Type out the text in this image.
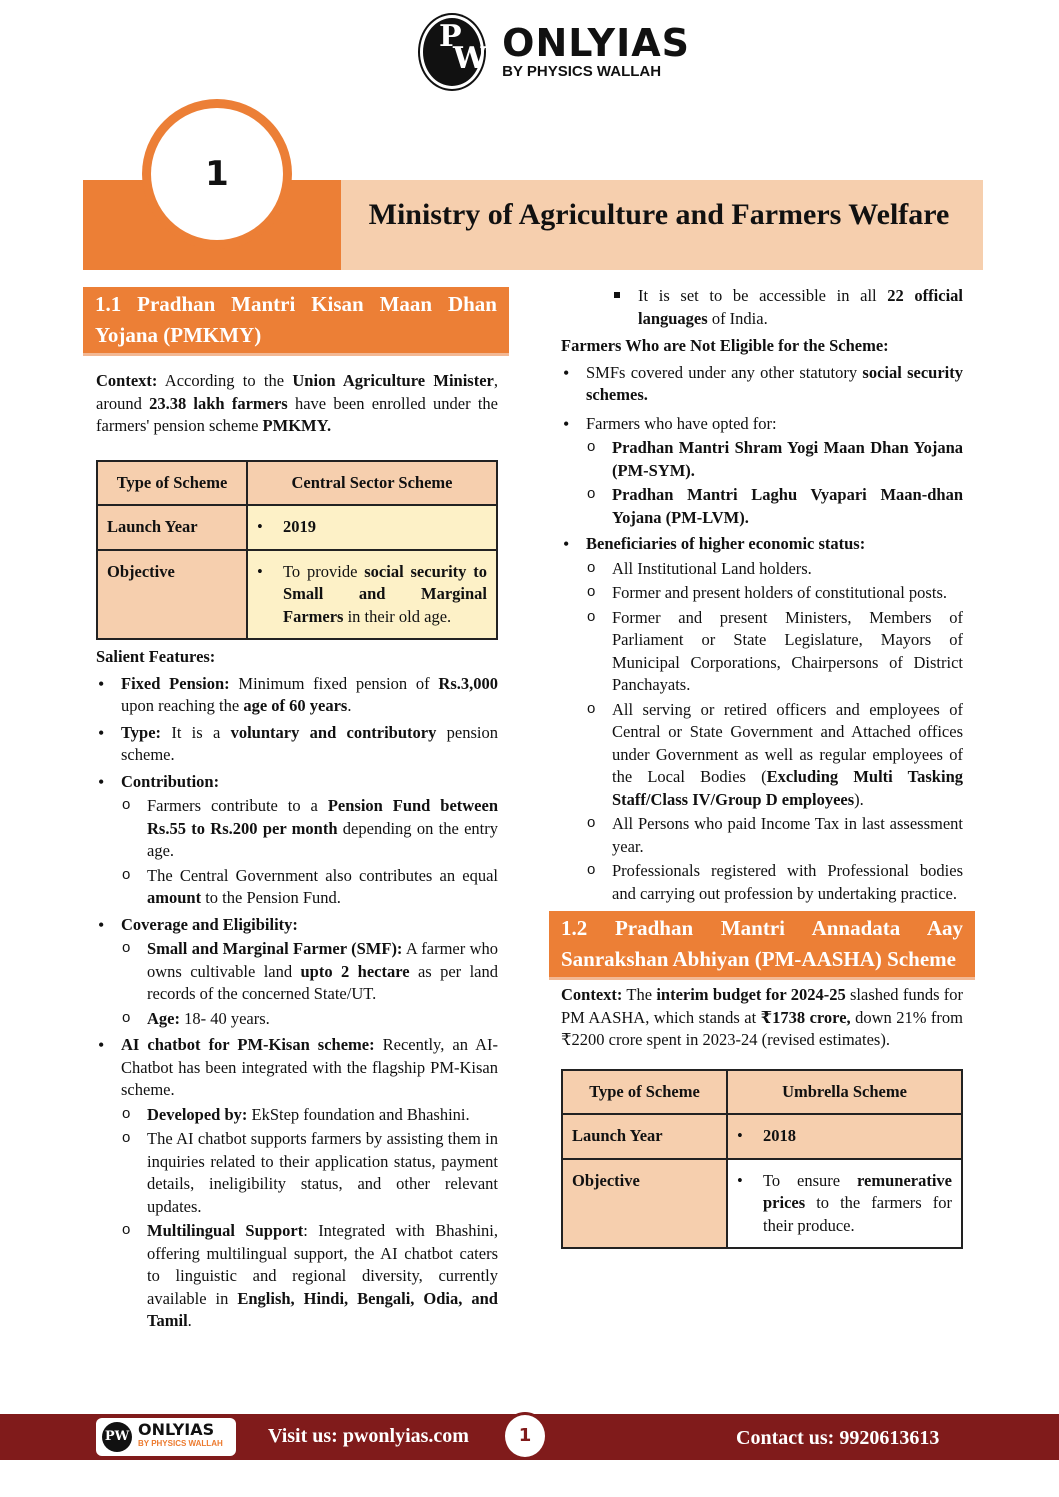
P
W ONLYIAS
BY PHYSICS WALLAH
1
Ministry of Agriculture and Farmers Welfare
1.1 Pradhan Mantri Kisan Maan Dhan Yojana (PMKMY)

Context: According to the Union Agriculture Minister, around 23.38 lakh farmers have been enrolled under the farmers' pension scheme PMKMY.

Type of Scheme	Central Sector Scheme
Launch Year	• 2019

Objective	• To provide social security to Small and Marginal Farmers in their old age.
Salient Features:
• Fixed Pension: Minimum fixed pension of Rs.3,000 upon reaching the age of 60 years.
• Type: It is a voluntary and contributory pension scheme.
• Contribution:
o Farmers contribute to a Pension Fund between Rs.55 to Rs.200 per month depending on the entry age.
o The Central Government also contributes an equal amount to the Pension Fund.
• Coverage and Eligibility:
o Small and Marginal Farmer (SMF): A farmer who owns cultivable land upto 2 hectare as per land records of the concerned State/UT.
o Age: 18- 40 years.
• AI chatbot for PM-Kisan scheme: Recently, an AI- Chatbot has been integrated with the flagship PM-Kisan scheme.
o Developed by: EkStep foundation and Bhashini.
o The AI chatbot supports farmers by assisting them in inquiries related to their application status, payment details, ineligibility status, and other relevant updates.
o Multilingual Support: Integrated with Bhashini, offering multilingual support, the AI chatbot caters to linguistic and regional diversity, currently available in English, Hindi, Bengali, Odia, and Tamil.
It is set to be accessible in all 22 official languages of India.
Farmers Who are Not Eligible for the Scheme:
• SMFs covered under any other statutory social security schemes.
• Farmers who have opted for:
o Pradhan Mantri Shram Yogi Maan Dhan Yojana (PM-SYM).
o Pradhan Mantri Laghu Vyapari Maan-dhan Yojana (PM-LVM).
• Beneficiaries of higher economic status:
o All Institutional Land holders.
o Former and present holders of constitutional posts.
o Former and present Ministers, Members of Parliament or State Legislature, Mayors of Municipal Corporations, Chairpersons of District Panchayats.
o All serving or retired officers and employees of Central or State Government and Attached offices under Government as well as regular employees of the Local Bodies (Excluding Multi Tasking Staff/Class IV/Group D employees).
o All Persons who paid Income Tax in last assessment year.
o Professionals registered with Professional bodies and carrying out profession by undertaking practice.
1.2 Pradhan Mantri Annadata Aay Sanrakshan Abhiyan (PM-AASHA) Scheme

Context: The interim budget for 2024-25 slashed funds for PM AASHA, which stands at ₹1738 crore, down 21% from ₹2200 crore spent in 2023-24 (revised estimates).

Type of Scheme	Umbrella Scheme
Launch Year	• 2018

Objective	• To ensure remunerative prices to the farmers for their produce.
PW ONLYIAS
BY PHYSICS WALLAH Visit us: pwonlyias.com	1	Contact us: 9920613613
